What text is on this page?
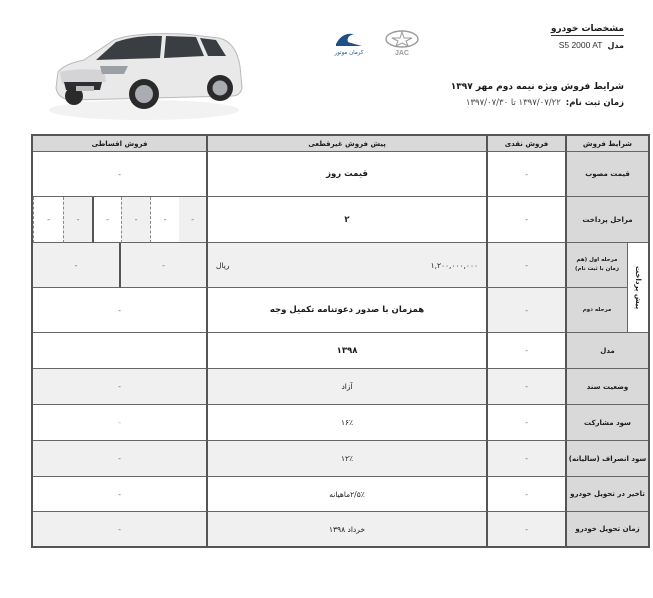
کرمان موتور	JAC
مشخصات خودرو
مدلS5 2000 AT
شرایط فروش ویژه نیمه دوم مهر ۱۳۹۷
زمان ثبت نام:۱۳۹۷/۰۷/۲۲ تا ۱۳۹۷/۰۷/۳۰
شرایط فروش
فروش نقدی
پیش فروش غیرقطعی
فروش اقساطی
قیمت مصوب
-
قیمت روز
-
مراحل پرداخت
-
۲
-
-
-
-
-
-
پیش پرداخت
مرحله اول (هم زمان با ثبت نام)
-
۱,۲۰۰,۰۰۰,۰۰۰
ریال
-
-
مرحله دوم
-
همزمان با صدور دعوتنامه تکمیل وجه
-
مدل
-
۱۳۹۸
وضعیت سند
-
آزاد
-
سود مشارکت
-
۱۶٪
-
سود انصراف (سالیانه)
-
۱۲٪
-
تاخیر در تحویل خودرو
-
۲/۵٪ماهیانه
-
زمان تحویل خودرو
-
خرداد ۱۳۹۸
-
